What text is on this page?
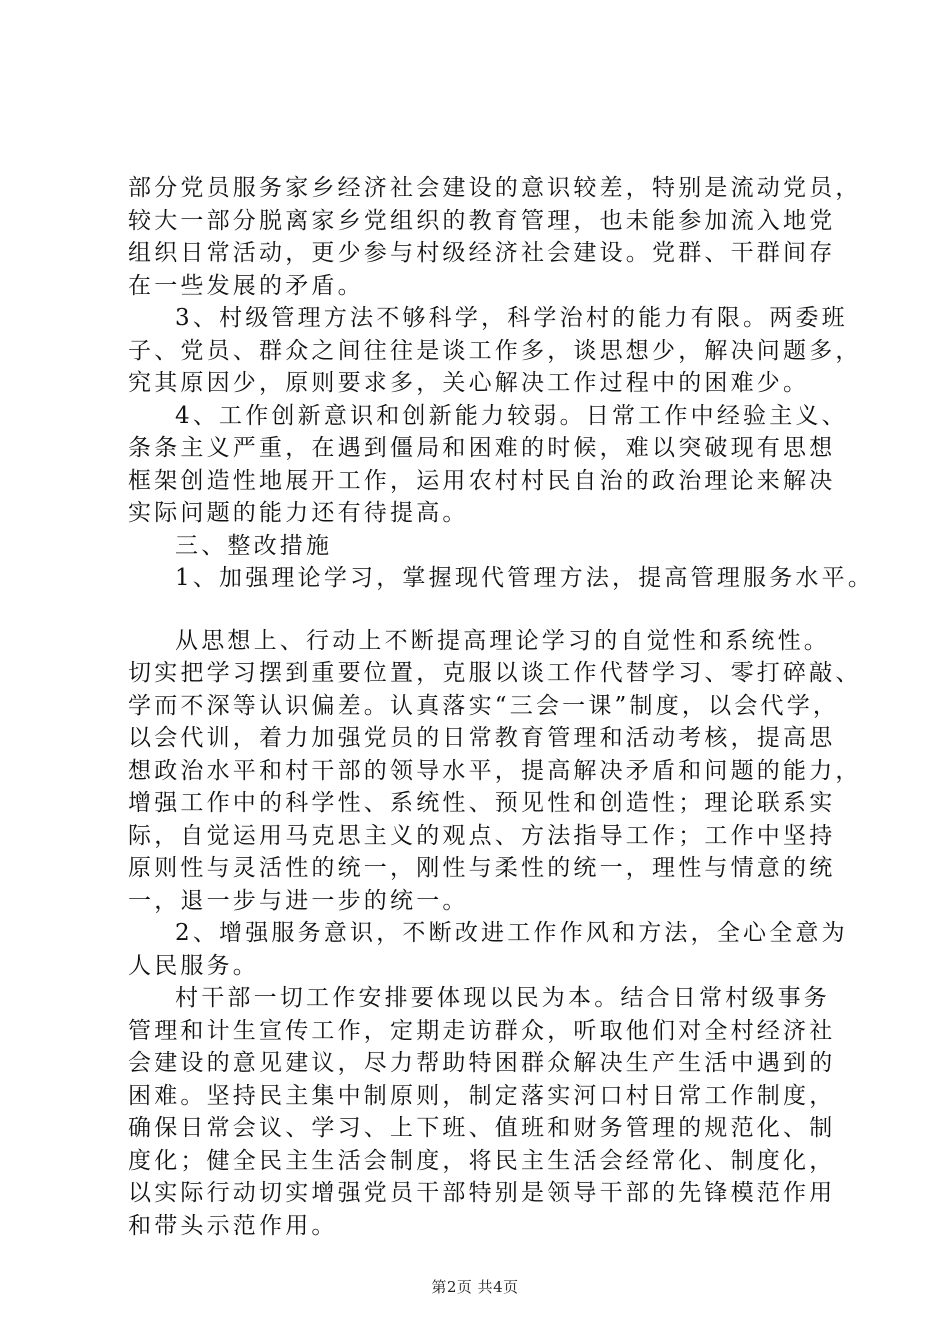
部分党员服务家乡经济社会建设的意识较差，特别是流动党员，
较大一部分脱离家乡党组织的教育管理，也未能参加流入地党
组织日常活动，更少参与村级经济社会建设。党群、干群间存
在一些发展的矛盾。
3、村级管理方法不够科学，科学治村的能力有限。两委班
子、党员、群众之间往往是谈工作多，谈思想少，解决问题多，
究其原因少，原则要求多，关心解决工作过程中的困难少。
4、工作创新意识和创新能力较弱。日常工作中经验主义、
条条主义严重，在遇到僵局和困难的时候，难以突破现有思想
框架创造性地展开工作，运用农村村民自治的政治理论来解决
实际问题的能力还有待提高。
三、整改措施
1、加强理论学习，掌握现代管理方法，提高管理服务水平。
从思想上、行动上不断提高理论学习的自觉性和系统性。
切实把学习摆到重要位置，克服以谈工作代替学习、零打碎敲、
学而不深等认识偏差。认真落实“三会一课”制度，以会代学，
以会代训，着力加强党员的日常教育管理和活动考核，提高思
想政治水平和村干部的领导水平，提高解决矛盾和问题的能力，
增强工作中的科学性、系统性、预见性和创造性；理论联系实
际，自觉运用马克思主义的观点、方法指导工作；工作中坚持
原则性与灵活性的统一，刚性与柔性的统一，理性与情意的统
一，退一步与进一步的统一。
2、增强服务意识，不断改进工作作风和方法，全心全意为
人民服务。
村干部一切工作安排要体现以民为本。结合日常村级事务
管理和计生宣传工作，定期走访群众，听取他们对全村经济社
会建设的意见建议，尽力帮助特困群众解决生产生活中遇到的
困难。坚持民主集中制原则，制定落实河口村日常工作制度，
确保日常会议、学习、上下班、值班和财务管理的规范化、制
度化；健全民主生活会制度，将民主生活会经常化、制度化，
以实际行动切实增强党员干部特别是领导干部的先锋模范作用
和带头示范作用。
第2页 共4页
